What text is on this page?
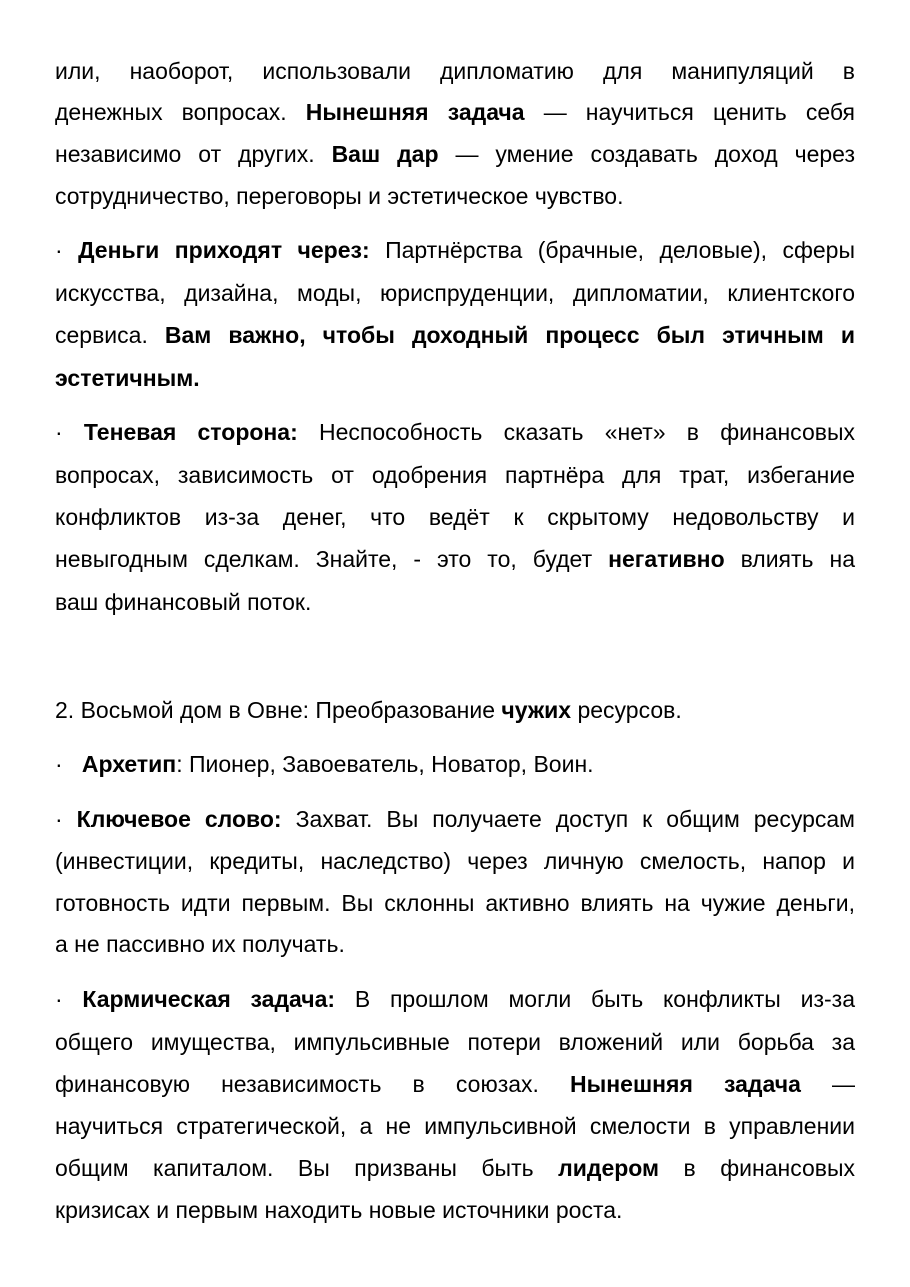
или, наоборот, использовали дипломатию для манипуляций в
денежных вопросах. Нынешняя задача — научиться ценить себя
независимо от других. Ваш дар — умение создавать доход через
сотрудничество, переговоры и эстетическое чувство.
· Деньги приходят через: Партнёрства (брачные, деловые), сферы
искусства, дизайна, моды, юриспруденции, дипломатии, клиентского
сервиса. Вам важно, чтобы доходный процесс был этичным и
эстетичным.
· Теневая сторона: Неспособность сказать «нет» в финансовых
вопросах, зависимость от одобрения партнёра для трат, избегание
конфликтов из-за денег, что ведёт к скрытому недовольству и
невыгодным сделкам. Знайте, - это то, будет негативно влиять на
ваш финансовый поток.
2. Восьмой дом в Овне: Преобразование чужих ресурсов.
·   Архетип: Пионер, Завоеватель, Новатор, Воин.
· Ключевое слово: Захват. Вы получаете доступ к общим ресурсам
(инвестиции, кредиты, наследство) через личную смелость, напор и
готовность идти первым. Вы склонны активно влиять на чужие деньги,
а не пассивно их получать.
· Кармическая задача: В прошлом могли быть конфликты из-за
общего имущества, импульсивные потери вложений или борьба за
финансовую независимость в союзах. Нынешняя задача —
научиться стратегической, а не импульсивной смелости в управлении
общим капиталом. Вы призваны быть лидером в финансовых
кризисах и первым находить новые источники роста.
